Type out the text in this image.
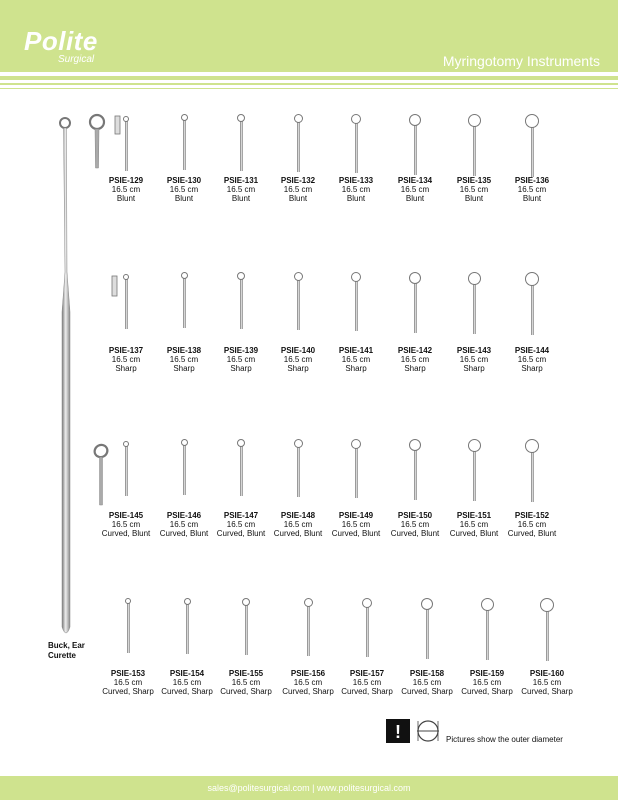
Polite
Surgical	Myringotomy Instruments
PSIE-129
16.5 cm
Blunt
PSIE-130
16.5 cm
Blunt
PSIE-131
16.5 cm
Blunt
PSIE-132
16.5 cm
Blunt
PSIE-133
16.5 cm
Blunt
PSIE-134
16.5 cm
Blunt
PSIE-135
16.5 cm
Blunt
PSIE-136
16.5 cm
Blunt
PSIE-137
16.5 cm
Sharp
PSIE-138
16.5 cm
Sharp
PSIE-139
16.5 cm
Sharp
PSIE-140
16.5 cm
Sharp
PSIE-141
16.5 cm
Sharp
PSIE-142
16.5 cm
Sharp
PSIE-143
16.5 cm
Sharp
PSIE-144
16.5 cm
Sharp
PSIE-145
16.5 cm
Curved, Blunt
PSIE-146
16.5 cm
Curved, Blunt
PSIE-147
16.5 cm
Curved, Blunt
PSIE-148
16.5 cm
Curved, Blunt
PSIE-149
16.5 cm
Curved, Blunt
PSIE-150
16.5 cm
Curved, Blunt
PSIE-151
16.5 cm
Curved, Blunt
PSIE-152
16.5 cm
Curved, Blunt
PSIE-153
16.5 cm
Curved, Sharp
PSIE-154
16.5 cm
Curved, Sharp
PSIE-155
16.5 cm
Curved, Sharp
PSIE-156
16.5 cm
Curved, Sharp
PSIE-157
16.5 cm
Curved, Sharp
PSIE-158
16.5 cm
Curved, Sharp
PSIE-159
16.5 cm
Curved, Sharp
PSIE-160
16.5 cm
Curved, Sharp
Buck, Ear
Curette
!	Pictures show the outer diameter
sales@politesurgical.com | www.politesurgical.com
